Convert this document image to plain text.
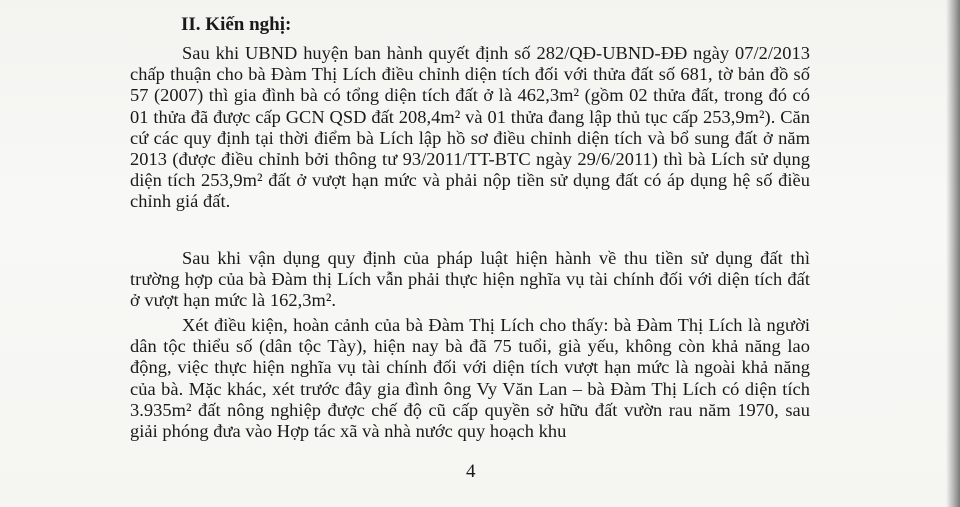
II. Kiến nghị:

Sau khi UBND huyện ban hành quyết định số 282/QĐ-UBND-ĐĐ ngày 07/2/2013 chấp thuận cho bà Đàm Thị Lích điều chỉnh diện tích đối với thửa đất số 681, tờ bản đồ số 57 (2007) thì gia đình bà có tổng diện tích đất ở là 462,3m² (gồm 02 thửa đất, trong đó có 01 thửa đã được cấp GCN QSD đất 208,4m² và 01 thửa đang lập thủ tục cấp 253,9m²). Căn cứ các quy định tại thời điểm bà Lích lập hồ sơ điều chỉnh diện tích và bổ sung đất ở năm 2013 (được điều chỉnh bởi thông tư 93/2011/TT-BTC ngày 29/6/2011) thì bà Lích sử dụng diện tích 253,9m² đất ở vượt hạn mức và phải nộp tiền sử dụng đất có áp dụng hệ số điều chỉnh giá đất.

Sau khi vận dụng quy định của pháp luật hiện hành về thu tiền sử dụng đất thì trường hợp của bà Đàm thị Lích vẫn phải thực hiện nghĩa vụ tài chính đối với diện tích đất ở vượt hạn mức là 162,3m².

Xét điều kiện, hoàn cảnh của bà Đàm Thị Lích cho thấy: bà Đàm Thị Lích là người dân tộc thiểu số (dân tộc Tày), hiện nay bà đã 75 tuổi, già yếu, không còn khả năng lao động, việc thực hiện nghĩa vụ tài chính đối với diện tích vượt hạn mức là ngoài khả năng của bà. Mặc khác, xét trước đây gia đình ông Vy Văn Lan – bà Đàm Thị Lích có diện tích 3.935m² đất nông nghiệp được chế độ cũ cấp quyền sở hữu đất vườn rau năm 1970, sau giải phóng đưa vào Hợp tác xã và nhà nước quy hoạch khu

4
